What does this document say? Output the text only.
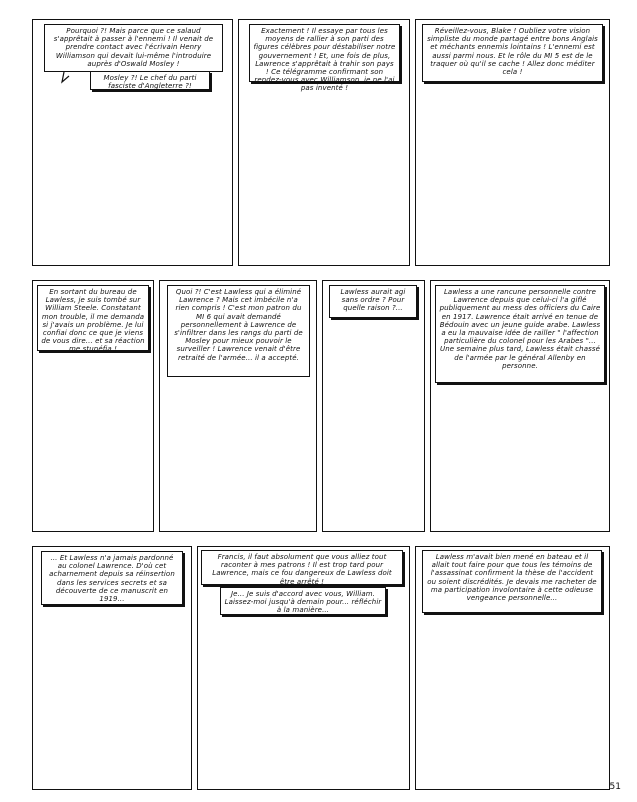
Pourquoi ?! Mais parce que ce salaud s'apprêtait à passer à l'ennemi ! Il venait de prendre contact avec l'écrivain Henry Williamson qui devait lui-même l'introduire auprès d'Oswald Mosley !
Mosley ?! Le chef du parti fasciste d'Angleterre ?!
Exactement ! Il essaye par tous les moyens de rallier à son parti des figures célèbres pour déstabiliser notre gouvernement ! Et, une fois de plus, Lawrence s'apprêtait à trahir son pays ! Ce télégramme confirmant son rendez-vous avec Williamson, je ne l'ai pas inventé !
Réveillez-vous, Blake ! Oubliez votre vision simpliste du monde partagé entre bons Anglais et méchants ennemis lointains ! L'ennemi est aussi parmi nous. Et le rôle du MI 5 est de le traquer où qu'il se cache ! Allez donc méditer cela !
En sortant du bureau de Lawless, je suis tombé sur William Steele. Constatant mon trouble, il me demanda si j'avais un problème. Je lui confiai donc ce que je viens de vous dire... et sa réaction me stupéfia !
Quoi ?! C'est Lawless qui a éliminé Lawrence ? Mais cet imbécile n'a rien compris ! C'est mon patron du MI 6 qui avait demandé personnellement à Lawrence de s'infiltrer dans les rangs du parti de Mosley pour mieux pouvoir le surveiller ! Lawrence venait d'être retraité de l'armée... il a accepté.
Lawless aurait agi sans ordre ? Pour quelle raison ?...
Lawless a une rancune personnelle contre Lawrence depuis que celui-ci l'a giflé publiquement au mess des officiers du Caire en 1917. Lawrence était arrivé en tenue de Bédouin avec un jeune guide arabe. Lawless a eu la mauvaise idée de railler " l'affection particulière du colonel pour les Arabes "... Une semaine plus tard, Lawless était chassé de l'armée par le général Allenby en personne.
... Et Lawless n'a jamais pardonné au colonel Lawrence. D'où cet acharnement depuis sa réinsertion dans les services secrets et sa découverte de ce manuscrit en 1919...
Francis, il faut absolument que vous alliez tout raconter à mes patrons ! Il est trop tard pour Lawrence, mais ce fou dangereux de Lawless doit être arrêté !
Je... Je suis d'accord avec vous, William. Laissez-moi jusqu'à demain pour... réfléchir à la manière...
Lawless m'avait bien mené en bateau et il allait tout faire pour que tous les témoins de l'assassinat confirment la thèse de l'accident ou soient discrédités. Je devais me racheter de ma participation involontaire à cette odieuse vengeance personnelle...
51
